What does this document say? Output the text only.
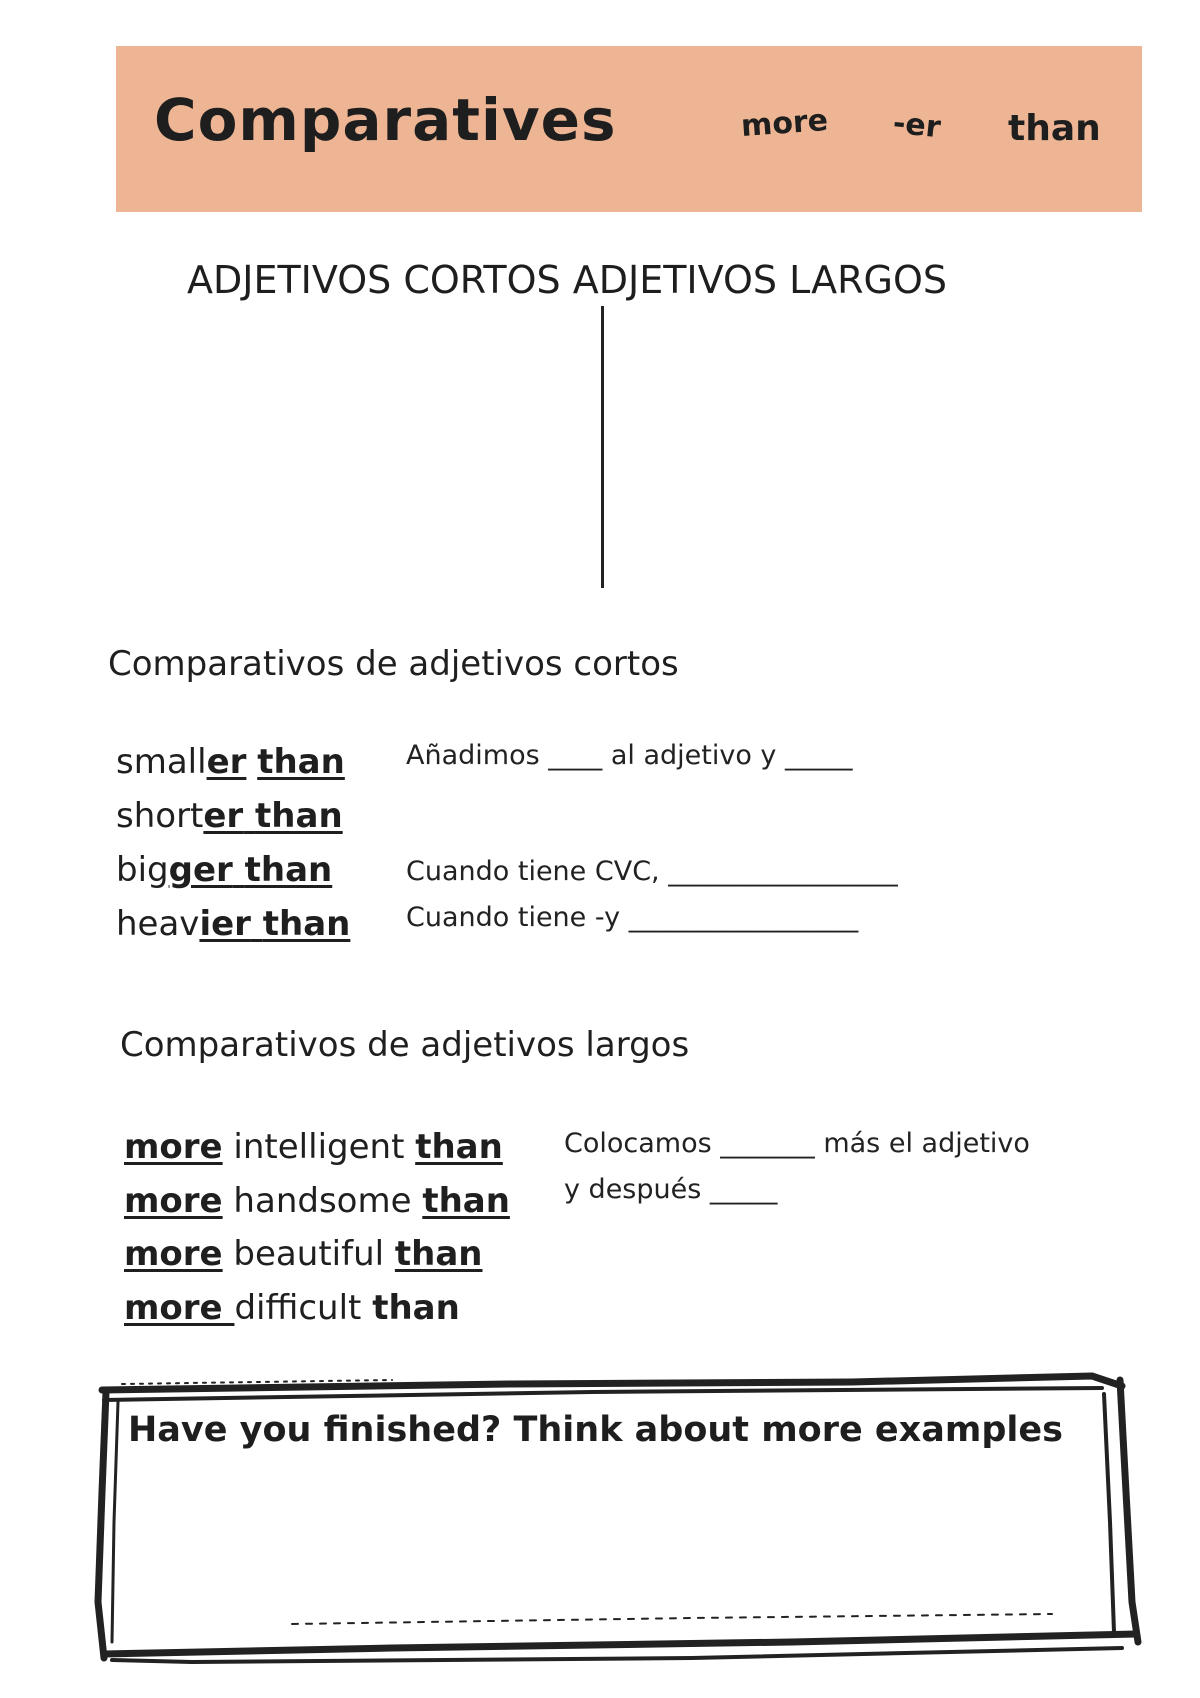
Comparatives	more -er than
ADJETIVOS CORTOS ADJETIVOS LARGOS
Comparativos de adjetivos cortos
smaller than
shorter than
bigger than
heavier than
Añadimos ____ al adjetivo y _____
Cuando tiene CVC, _________________
Cuando tiene -y _________________
Comparativos de adjetivos largos
more intelligent than
more handsome than
more beautiful than
more difficult than
Colocamos _______ más el adjetivo
y después _____
Have you finished? Think about more examples
